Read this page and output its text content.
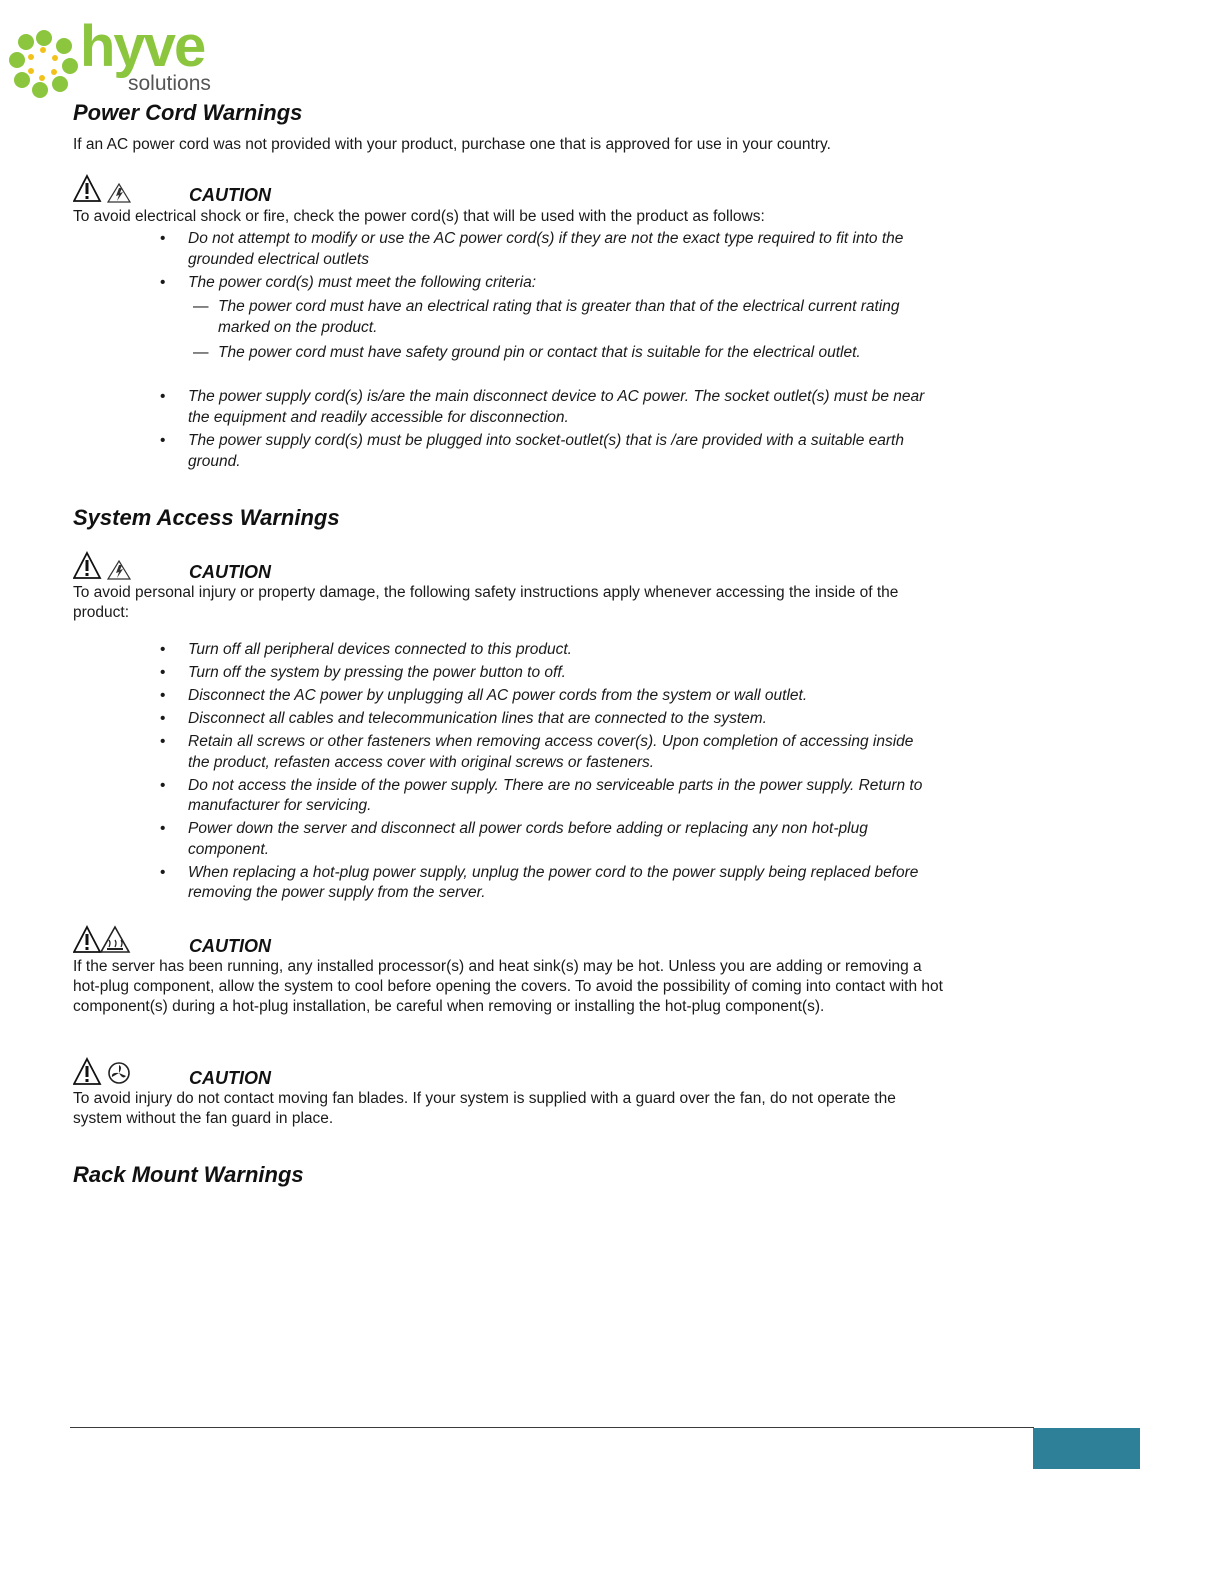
hyve
solutions
Power Cord Warnings
If an AC power cord was not provided with your product, purchase one that is approved for use in your country.
CAUTION
To avoid electrical shock or fire, check the power cord(s) that will be used with the product as follows:
• Do not attempt to modify or use the AC power cord(s) if they are not the exact type required to fit into the grounded electrical outlets
• The power cord(s) must meet the following criteria:
— The power cord must have an electrical rating that is greater than that of the electrical current rating marked on the product.
— The power cord must have safety ground pin or contact that is suitable for the electrical outlet.
• The power supply cord(s) is/are the main disconnect device to AC power. The socket outlet(s) must be near the equipment and readily accessible for disconnection.
• The power supply cord(s) must be plugged into socket-outlet(s) that is /are provided with a suitable earth ground.
System Access Warnings
CAUTION
To avoid personal injury or property damage, the following safety instructions apply whenever accessing the inside of the product:
• Turn off all peripheral devices connected to this product.
• Turn off the system by pressing the power button to off.
• Disconnect the AC power by unplugging all AC power cords from the system or wall outlet.
• Disconnect all cables and telecommunication lines that are connected to the system.
• Retain all screws or other fasteners when removing access cover(s). Upon completion of accessing inside the product, refasten access cover with original screws or fasteners.
• Do not access the inside of the power supply. There are no serviceable parts in the power supply. Return to manufacturer for servicing.
• Power down the server and disconnect all power cords before adding or replacing any non hot-plug component.
• When replacing a hot-plug power supply, unplug the power cord to the power supply being replaced before removing the power supply from the server.
CAUTION
If the server has been running, any installed processor(s) and heat sink(s) may be hot. Unless you are adding or removing a hot-plug component, allow the system to cool before opening the covers. To avoid the possibility of coming into contact with hot component(s) during a hot-plug installation, be careful when removing or installing the hot-plug component(s).
CAUTION
To avoid injury do not contact moving fan blades. If your system is supplied with a guard over the fan, do not operate the system without the fan guard in place.
Rack Mount Warnings
